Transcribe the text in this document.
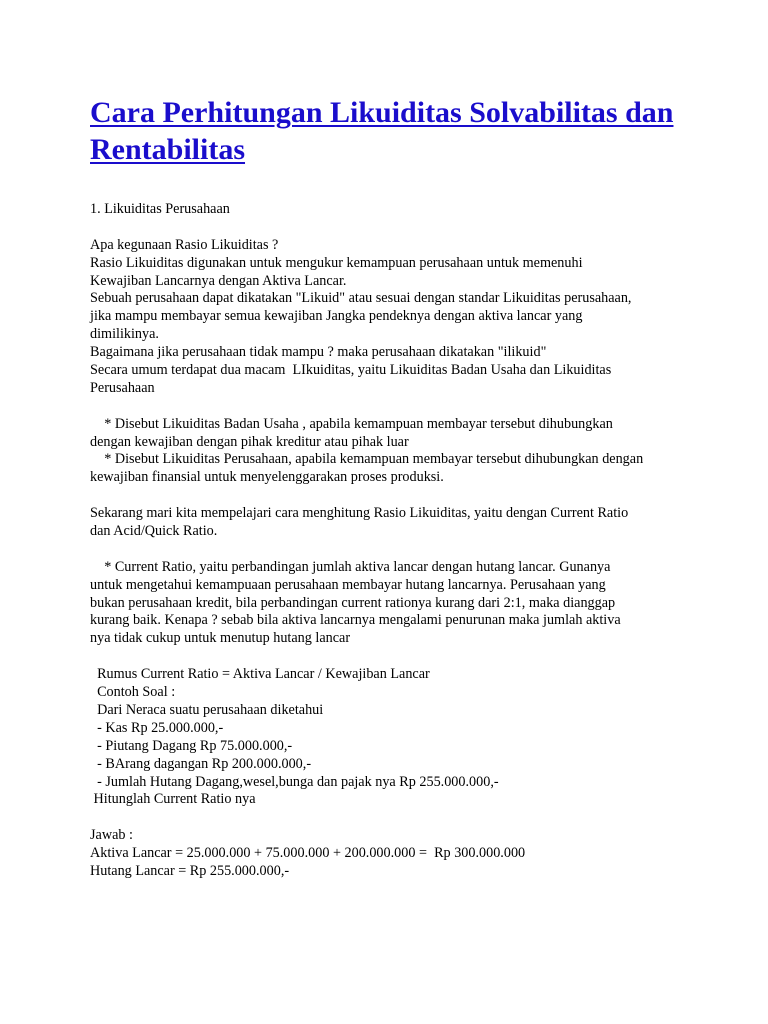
Cara Perhitungan Likuiditas Solvabilitas dan Rentabilitas
1. Likuiditas Perusahaan
Apa kegunaan Rasio Likuiditas ?
Rasio Likuiditas digunakan untuk mengukur kemampuan perusahaan untuk memenuhi
Kewajiban Lancarnya dengan Aktiva Lancar.
Sebuah perusahaan dapat dikatakan "Likuid" atau sesuai dengan standar Likuiditas perusahaan,
jika mampu membayar semua kewajiban Jangka pendeknya dengan aktiva lancar yang
dimilikinya.
Bagaimana jika perusahaan tidak mampu ? maka perusahaan dikatakan "ilikuid"
Secara umum terdapat dua macam  LIkuiditas, yaitu Likuiditas Badan Usaha dan Likuiditas
Perusahaan
* Disebut Likuiditas Badan Usaha , apabila kemampuan membayar tersebut dihubungkan
dengan kewajiban dengan pihak kreditur atau pihak luar
* Disebut Likuiditas Perusahaan, apabila kemampuan membayar tersebut dihubungkan dengan
kewajiban finansial untuk menyelenggarakan proses produksi.
Sekarang mari kita mempelajari cara menghitung Rasio Likuiditas, yaitu dengan Current Ratio
dan Acid/Quick Ratio.
* Current Ratio, yaitu perbandingan jumlah aktiva lancar dengan hutang lancar. Gunanya
untuk mengetahui kemampuaan perusahaan membayar hutang lancarnya. Perusahaan yang
bukan perusahaan kredit, bila perbandingan current rationya kurang dari 2:1, maka dianggap
kurang baik. Kenapa ? sebab bila aktiva lancarnya mengalami penurunan maka jumlah aktiva
nya tidak cukup untuk menutup hutang lancar
Rumus Current Ratio = Aktiva Lancar / Kewajiban Lancar
Contoh Soal :
Dari Neraca suatu perusahaan diketahui
- Kas Rp 25.000.000,-
- Piutang Dagang Rp 75.000.000,-
- BArang dagangan Rp 200.000.000,-
- Jumlah Hutang Dagang,wesel,bunga dan pajak nya Rp 255.000.000,-
Hitunglah Current Ratio nya
Jawab :
Aktiva Lancar = 25.000.000 + 75.000.000 + 200.000.000 =  Rp 300.000.000
Hutang Lancar = Rp 255.000.000,-
